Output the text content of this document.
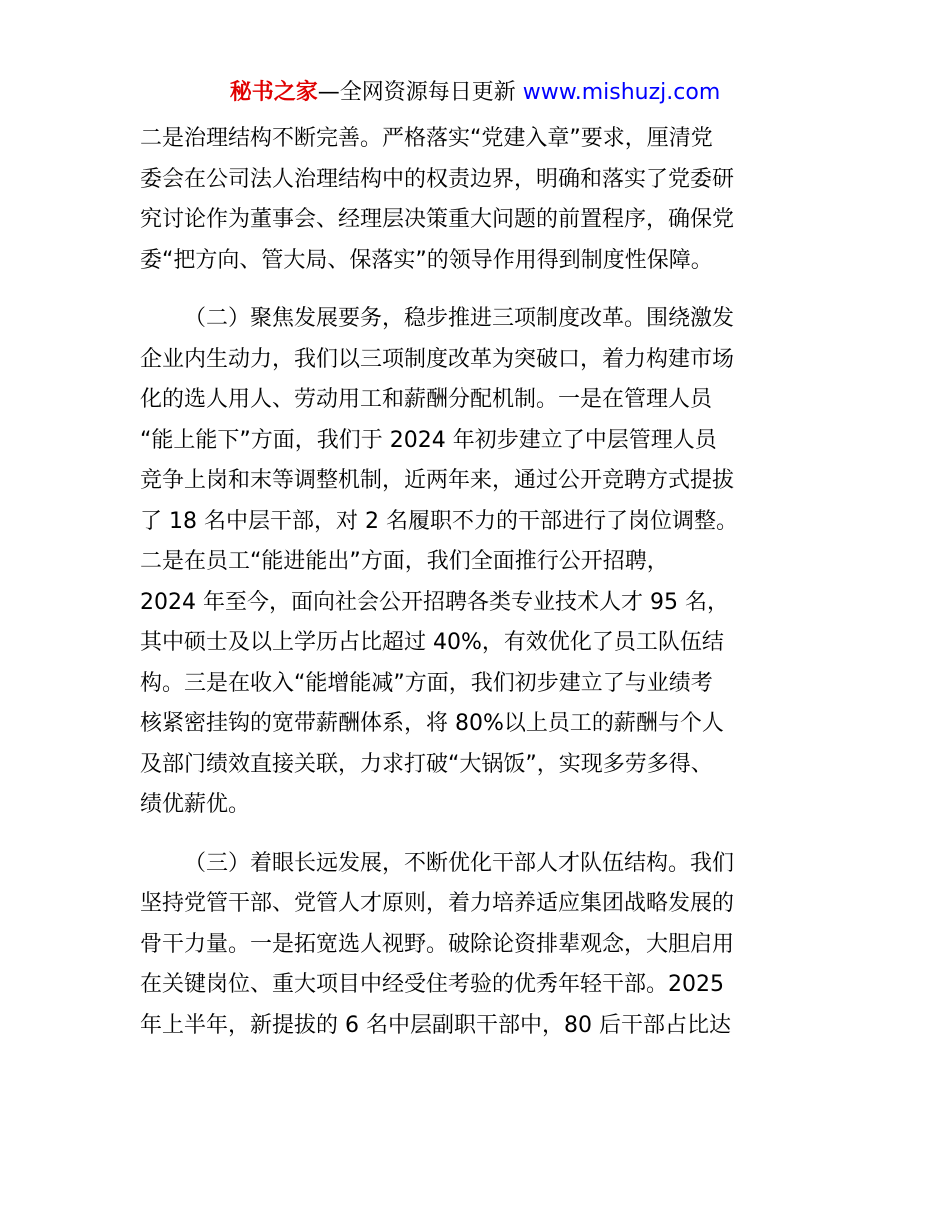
秘书之家—全网资源每日更新 www.mishuzj.com

二是治理结构不断完善。严格落实“党建入章”要求，厘清党
委会在公司法人治理结构中的权责边界，明确和落实了党委研
究讨论作为董事会、经理层决策重大问题的前置程序，确保党
委“把方向、管大局、保落实”的领导作用得到制度性保障。

（二）聚焦发展要务，稳步推进三项制度改革。围绕激发
企业内生动力，我们以三项制度改革为突破口，着力构建市场
化的选人用人、劳动用工和薪酬分配机制。一是在管理人员
“能上能下”方面，我们于 2024 年初步建立了中层管理人员
竞争上岗和末等调整机制，近两年来，通过公开竞聘方式提拔
了 18 名中层干部，对 2 名履职不力的干部进行了岗位调整。
二是在员工“能进能出”方面，我们全面推行公开招聘，
2024 年至今，面向社会公开招聘各类专业技术人才 95 名，
其中硕士及以上学历占比超过 40%，有效优化了员工队伍结
构。三是在收入“能增能减”方面，我们初步建立了与业绩考
核紧密挂钩的宽带薪酬体系，将 80%以上员工的薪酬与个人
及部门绩效直接关联，力求打破“大锅饭”，实现多劳多得、
绩优薪优。

（三）着眼长远发展，不断优化干部人才队伍结构。我们
坚持党管干部、党管人才原则，着力培养适应集团战略发展的
骨干力量。一是拓宽选人视野。破除论资排辈观念，大胆启用
在关键岗位、重大项目中经受住考验的优秀年轻干部。2025
年上半年，新提拔的 6 名中层副职干部中，80 后干部占比达
